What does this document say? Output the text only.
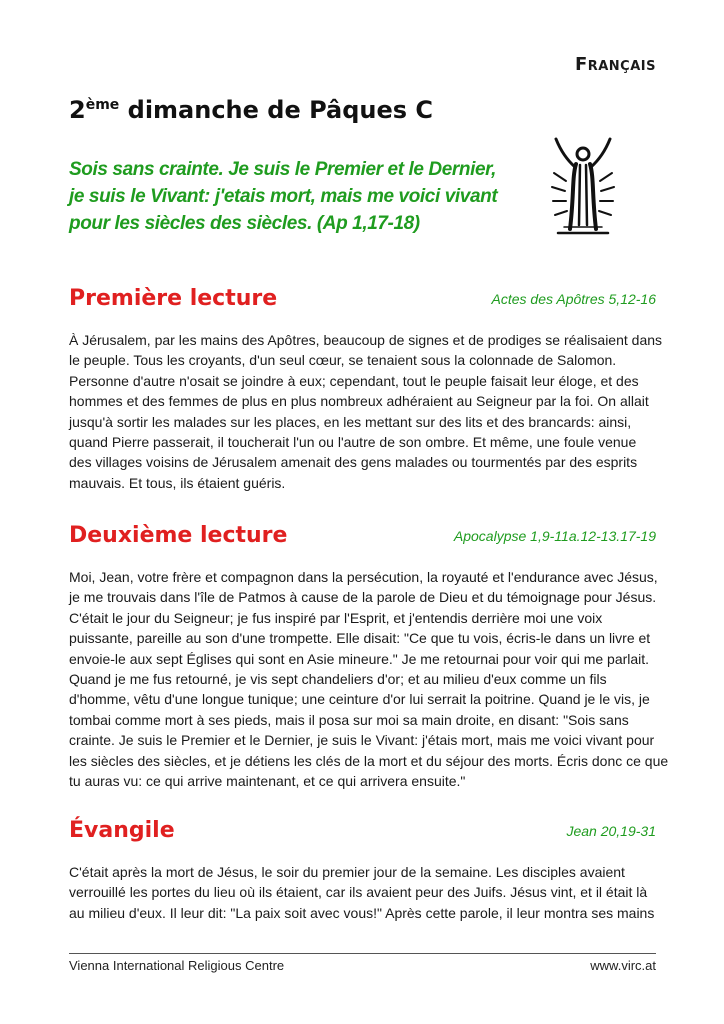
Français
2ème dimanche de Pâques C
Sois sans crainte. Je suis le Premier et le Dernier,
je suis le Vivant: j'etais mort, mais me voici vivant
pour les siècles des siècles. (Ap 1,17-18)
Première lecture	Actes des Apôtres 5,12-16
À Jérusalem, par les mains des Apôtres, beaucoup de signes et de prodiges se réalisaient dans
le peuple. Tous les croyants, d'un seul cœur, se tenaient sous la colonnade de Salomon.
Personne d'autre n'osait se joindre à eux; cependant, tout le peuple faisait leur éloge, et des
hommes et des femmes de plus en plus nombreux adhéraient au Seigneur par la foi. On allait
jusqu'à sortir les malades sur les places, en les mettant sur des lits et des brancards: ainsi,
quand Pierre passerait, il toucherait l'un ou l'autre de son ombre. Et même, une foule venue
des villages voisins de Jérusalem amenait des gens malades ou tourmentés par des esprits
mauvais. Et tous, ils étaient guéris.
Deuxième lecture	Apocalypse 1,9-11a.12-13.17-19
Moi, Jean, votre frère et compagnon dans la persécution, la royauté et l'endurance avec Jésus,
je me trouvais dans l'île de Patmos à cause de la parole de Dieu et du témoignage pour Jésus.
C'était le jour du Seigneur; je fus inspiré par l'Esprit, et j'entendis derrière moi une voix
puissante, pareille au son d'une trompette. Elle disait: "Ce que tu vois, écris-le dans un livre et
envoie-le aux sept Églises qui sont en Asie mineure." Je me retournai pour voir qui me parlait.
Quand je me fus retourné, je vis sept chandeliers d'or; et au milieu d'eux comme un fils
d'homme, vêtu d'une longue tunique; une ceinture d'or lui serrait la poitrine. Quand je le vis, je
tombai comme mort à ses pieds, mais il posa sur moi sa main droite, en disant: "Sois sans
crainte. Je suis le Premier et le Dernier, je suis le Vivant: j'étais mort, mais me voici vivant pour
les siècles des siècles, et je détiens les clés de la mort et du séjour des morts. Écris donc ce que
tu auras vu: ce qui arrive maintenant, et ce qui arrivera ensuite."
Évangile	Jean 20,19-31
C'était après la mort de Jésus, le soir du premier jour de la semaine. Les disciples avaient
verrouillé les portes du lieu où ils étaient, car ils avaient peur des Juifs. Jésus vint, et il était là
au milieu d'eux. Il leur dit: "La paix soit avec vous!" Après cette parole, il leur montra ses mains
Vienna International Religious Centre	www.virc.at
